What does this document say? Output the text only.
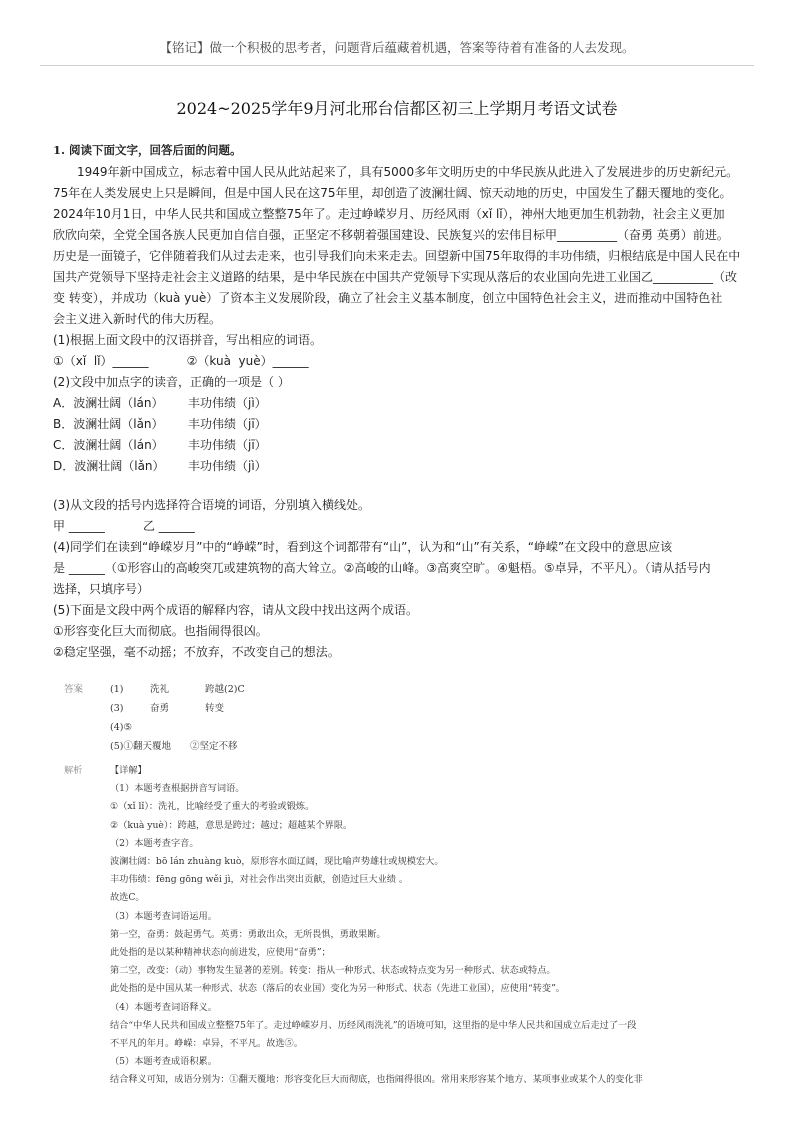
【铭记】做一个积极的思考者，问题背后蕴藏着机遇，答案等待着有准备的人去发现。
2024~2025学年9月河北邢台信都区初三上学期月考语文试卷
1. 阅读下面文字，回答后面的问题。

1949年新中国成立，标志着中国人民从此站起来了，具有5000多年文明历史的中华民族从此进入了发展进步的历史新纪元。

75年在人类发展史上只是瞬间，但是中国人民在这75年里，却创造了波澜壮阔、惊天动地的历史，中国发生了翻天覆地的变化。

2024年10月1日，中华人民共和国成立整整75年了。走过峥嵘岁月、历经风雨（xǐ lǐ），神州大地更加生机勃勃，社会主义更加

欣欣向荣，全党全国各族人民更加自信自强，正坚定不移朝着强国建设、民族复兴的宏伟目标甲__________（奋勇 英勇）前进。

历史是一面镜子，它伴随着我们从过去走来，也引导我们向未来走去。回望新中国75年取得的丰功伟绩，归根结底是中国人民在中

国共产党领导下坚持走社会主义道路的结果，是中华民族在中国共产党领导下实现从落后的农业国向先进工业国乙__________（改

变 转变），并成功（kuà yuè）了资本主义发展阶段，确立了社会主义基本制度，创立中国特色社会主义，进而推动中国特色社

会主义进入新时代的伟大历程。

(1)根据上面文段中的汉语拼音，写出相应的词语。

①（xǐ  lǐ）______          ②（kuà  yuè）______

(2)文段中加点字的读音，正确的一项是（ ）

A．波澜壮阔（lán）	丰功伟绩（jì）
B．波澜壮阔（lǎn）	丰功伟绩（jī）
C．波澜壮阔（lán）	丰功伟绩（jī）
D．波澜壮阔（lǎn）	丰功伟绩（jì）

(3)从文段的括号内选择符合语境的词语，分别填入横线处。

甲 ______          乙 ______

(4)同学们在读到“峥嵘岁月”中的“峥嵘”时，看到这个词都带有“山”，认为和“山”有关系，“峥嵘”在文段中的意思应该

是 ______（①形容山的高峻突兀或建筑物的高大耸立。②高峻的山峰。③高爽空旷。④魁梧。⑤卓异，不平凡）。（请从括号内

选择，只填序号）

(5)下面是文段中两个成语的解释内容，请从文段中找出这两个成语。

①形容变化巨大而彻底。也指闹得很凶。

②稳定坚强，毫不动摇；不放弃，不改变自己的想法。

答案	(1)	洗礼	跨越(2)C
(3)	奋勇	转变
(4)⑤
(5)①翻天覆地	②坚定不移
解析	【详解】

（1）本题考查根据拼音写词语。

①（xǐ lǐ）：洗礼，比喻经受了重大的考验或锻炼。

②（kuà yuè）：跨越，意思是跨过；越过；超越某个界限。

（2）本题考查字音。

波澜壮阔：bō lán zhuàng kuò，原形容水面辽阔，现比喻声势雄壮或规模宏大。

丰功伟绩：fēng gōng wěi jì，对社会作出突出贡献，创造过巨大业绩 。

故选C。

（3）本题考查词语运用。

第一空，奋勇：鼓起勇气。英勇：勇敢出众，无所畏惧，勇敢果断。

此处指的是以某种精神状态向前进发，应使用“奋勇”；

第二空，改变：（动）事物发生显著的差别。转变：指从一种形式、状态或特点变为另一种形式、状态或特点。

此处指的是中国从某一种形式、状态（落后的农业国）变化为另一种形式、状态（先进工业国），应使用“转变”。

（4）本题考查词语释义。

结合“中华人民共和国成立整整75年了。走过峥嵘岁月、历经风雨洗礼”的语境可知，这里指的是中华人民共和国成立后走过了一段

不平凡的年月。峥嵘：卓异，不平凡。故选⑤。

（5）本题考查成语积累。

结合释义可知，成语分别为：①翻天覆地：形容变化巨大而彻底，也指闹得很凶。常用来形容某个地方、某项事业或某个人的变化非
